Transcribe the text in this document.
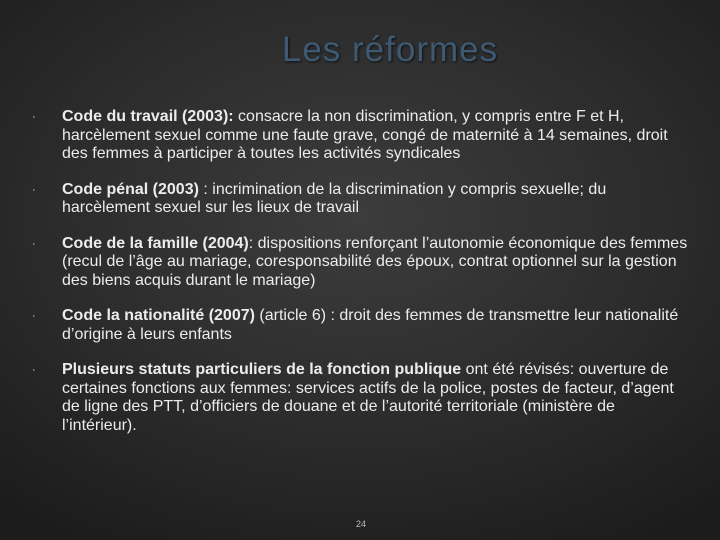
Les réformes
· Code du travail (2003): consacre la non discrimination, y compris entre F et H, harcèlement sexuel comme une faute grave, congé de maternité à 14 semaines, droit des femmes à participer à toutes les activités syndicales
· Code pénal (2003) : incrimination de la discrimination y compris sexuelle; du harcèlement sexuel sur les lieux de travail
· Code de la famille (2004): dispositions renforçant l’autonomie économique des femmes (recul de l’âge au mariage, coresponsabilité des époux, contrat optionnel sur la gestion des biens acquis durant le mariage)
· Code la nationalité (2007) (article 6) : droit des femmes de transmettre leur nationalité d’origine à leurs enfants
· Plusieurs statuts particuliers de la fonction publique ont été révisés: ouverture de certaines fonctions aux femmes: services actifs de la police, postes de facteur, d’agent de ligne des PTT, d’officiers de douane et de l’autorité territoriale (ministère de l’intérieur).
24
